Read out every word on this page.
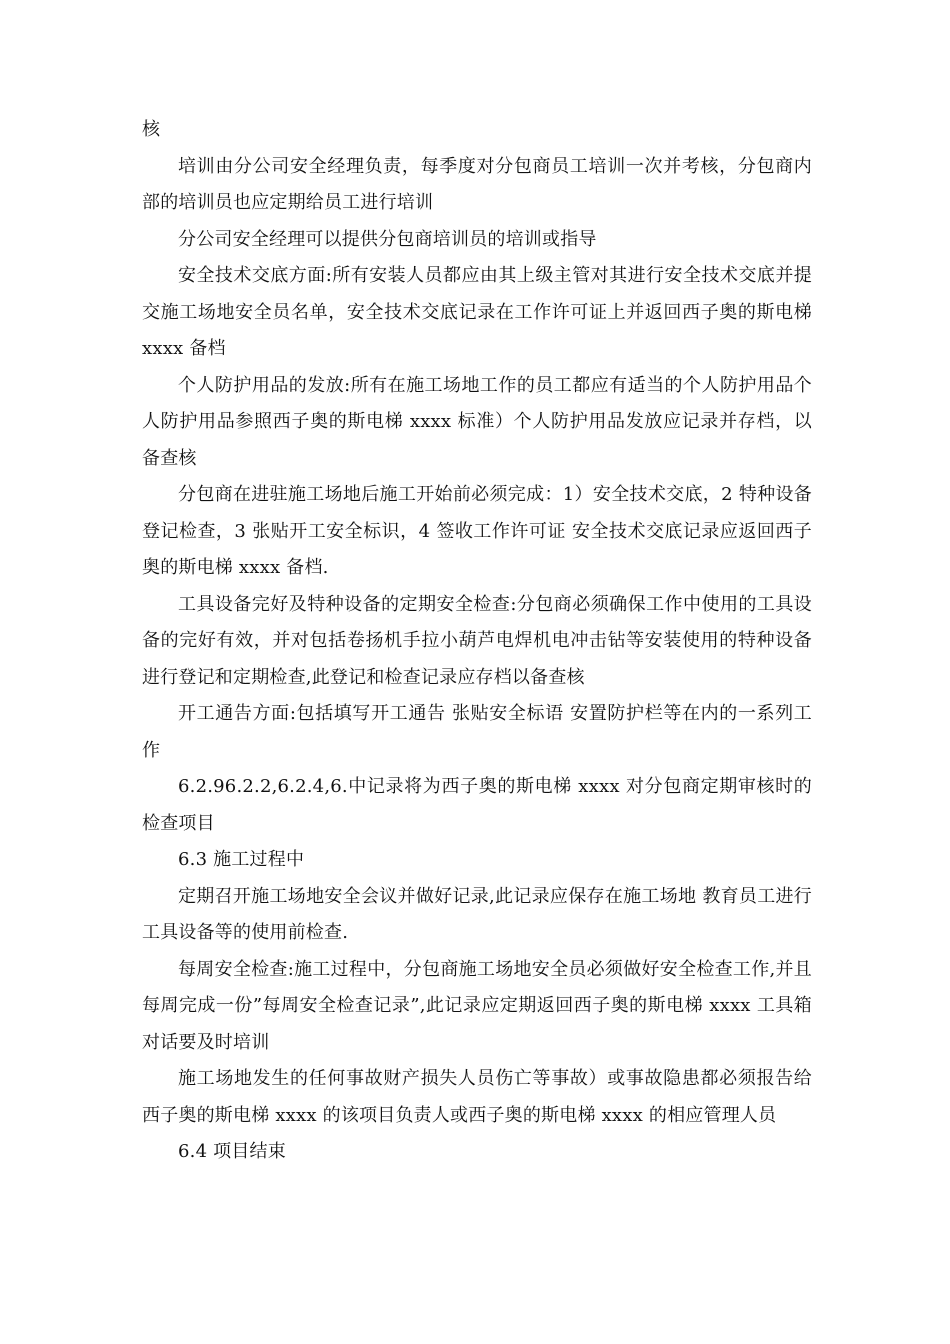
核

培训由分公司安全经理负责，每季度对分包商员工培训一次并考核，分包商内部的培训员也应定期给员工进行培训

分公司安全经理可以提供分包商培训员的培训或指导

安全技术交底方面:所有安装人员都应由其上级主管对其进行安全技术交底并提交施工场地安全员名单，安全技术交底记录在工作许可证上并返回西子奥的斯电梯 xxxx 备档

个人防护用品的发放:所有在施工场地工作的员工都应有适当的个人防护用品个人防护用品参照西子奥的斯电梯 xxxx 标准）个人防护用品发放应记录并存档，以备查核

分包商在进驻施工场地后施工开始前必须完成：1）安全技术交底，2 特种设备登记检查，3 张贴开工安全标识，4 签收工作许可证 安全技术交底记录应返回西子奥的斯电梯 xxxx 备档.

工具设备完好及特种设备的定期安全检查:分包商必须确保工作中使用的工具设备的完好有效，并对包括卷扬机手拉小葫芦电焊机电冲击钻等安装使用的特种设备进行登记和定期检查,此登记和检查记录应存档以备查核

开工通告方面:包括填写开工通告 张贴安全标语 安置防护栏等在内的一系列工作

6.2.96.2.2,6.2.4,6.中记录将为西子奥的斯电梯 xxxx 对分包商定期审核时的检查项目

6.3 施工过程中

定期召开施工场地安全会议并做好记录,此记录应保存在施工场地 教育员工进行工具设备等的使用前检查.

每周安全检查:施工过程中，分包商施工场地安全员必须做好安全检查工作,并且每周完成一份”每周安全检查记录”,此记录应定期返回西子奥的斯电梯 xxxx 工具箱对话要及时培训

施工场地发生的任何事故财产损失人员伤亡等事故）或事故隐患都必须报告给西子奥的斯电梯 xxxx 的该项目负责人或西子奥的斯电梯 xxxx 的相应管理人员

6.4 项目结束
